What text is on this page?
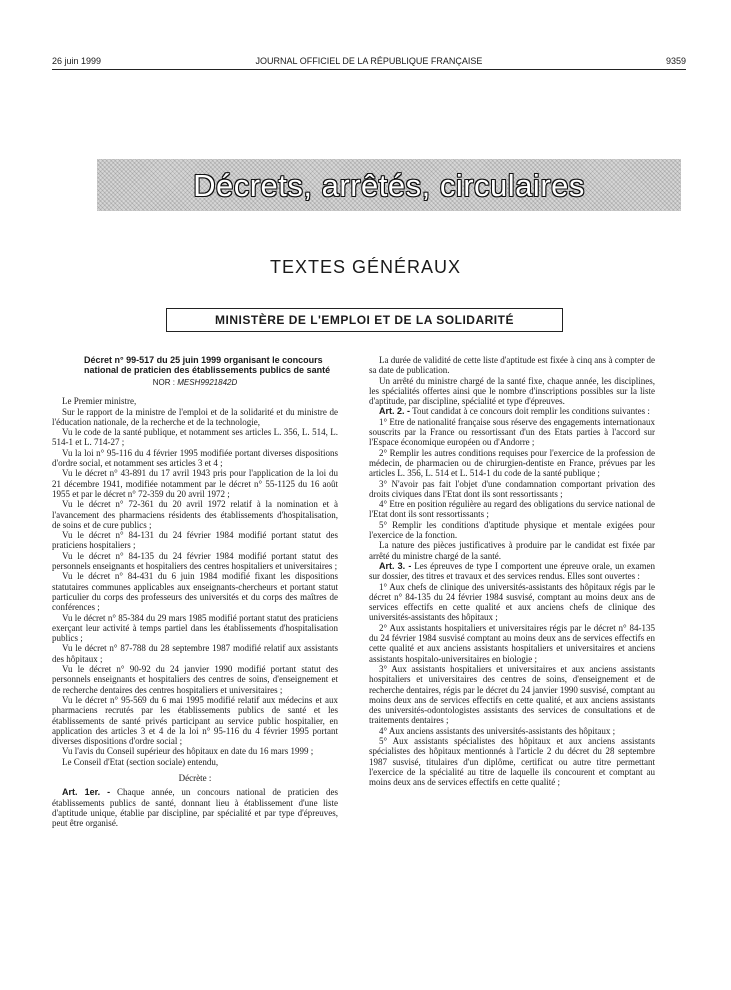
26 juin 1999	JOURNAL OFFICIEL DE LA RÉPUBLIQUE FRANÇAISE	9359
Décrets, arrêtés, circulaires
TEXTES GÉNÉRAUX
MINISTÈRE DE L'EMPLOI ET DE LA SOLIDARITÉ

Décret n° 99-517 du 25 juin 1999 organisant le concours national de praticien des établissements publics de santé

NOR : MESH9921842D

Le Premier ministre,

Sur le rapport de la ministre de l'emploi et de la solidarité et du ministre de l'éducation nationale, de la recherche et de la technologie,

Vu le code de la santé publique, et notamment ses articles L. 356, L. 514, L. 514-1 et L. 714-27 ;

Vu la loi n° 95-116 du 4 février 1995 modifiée portant diverses dispositions d'ordre social, et notamment ses articles 3 et 4 ;

Vu le décret n° 43-891 du 17 avril 1943 pris pour l'application de la loi du 21 décembre 1941, modifiée notamment par le décret n° 55-1125 du 16 août 1955 et par le décret n° 72-359 du 20 avril 1972 ;

Vu le décret n° 72-361 du 20 avril 1972 relatif à la nomination et à l'avancement des pharmaciens résidents des établissements d'hospitalisation, de soins et de cure publics ;

Vu le décret n° 84-131 du 24 février 1984 modifié portant statut des praticiens hospitaliers ;

Vu le décret n° 84-135 du 24 février 1984 modifié portant statut des personnels enseignants et hospitaliers des centres hospitaliers et universitaires ;

Vu le décret n° 84-431 du 6 juin 1984 modifié fixant les dispositions statutaires communes applicables aux enseignants-chercheurs et portant statut particulier du corps des professeurs des universités et du corps des maîtres de conférences ;

Vu le décret n° 85-384 du 29 mars 1985 modifié portant statut des praticiens exerçant leur activité à temps partiel dans les établissements d'hospitalisation publics ;

Vu le décret n° 87-788 du 28 septembre 1987 modifié relatif aux assistants des hôpitaux ;

Vu le décret n° 90-92 du 24 janvier 1990 modifié portant statut des personnels enseignants et hospitaliers des centres de soins, d'enseignement et de recherche dentaires des centres hospitaliers et universitaires ;

Vu le décret n° 95-569 du 6 mai 1995 modifié relatif aux médecins et aux pharmaciens recrutés par les établissements publics de santé et les établissements de santé privés participant au service public hospitalier, en application des articles 3 et 4 de la loi n° 95-116 du 4 février 1995 portant diverses dispositions d'ordre social ;

Vu l'avis du Conseil supérieur des hôpitaux en date du 16 mars 1999 ;

Le Conseil d'Etat (section sociale) entendu,

Décrète :

Art. 1er. - Chaque année, un concours national de praticien des établissements publics de santé, donnant lieu à établissement d'une liste d'aptitude unique, établie par discipline, par spécialité et par type d'épreuves, peut être organisé.

La durée de validité de cette liste d'aptitude est fixée à cinq ans à compter de sa date de publication.

Un arrêté du ministre chargé de la santé fixe, chaque année, les disciplines, les spécialités offertes ainsi que le nombre d'inscriptions possibles sur la liste d'aptitude, par discipline, spécialité et type d'épreuves.

Art. 2. - Tout candidat à ce concours doit remplir les conditions suivantes :

1° Etre de nationalité française sous réserve des engagements internationaux souscrits par la France ou ressortissant d'un des Etats parties à l'accord sur l'Espace économique européen ou d'Andorre ;

2° Remplir les autres conditions requises pour l'exercice de la profession de médecin, de pharmacien ou de chirurgien-dentiste en France, prévues par les articles L. 356, L. 514 et L. 514-1 du code de la santé publique ;

3° N'avoir pas fait l'objet d'une condamnation comportant privation des droits civiques dans l'Etat dont ils sont ressortissants ;

4° Etre en position régulière au regard des obligations du service national de l'Etat dont ils sont ressortissants ;

5° Remplir les conditions d'aptitude physique et mentale exigées pour l'exercice de la fonction.

La nature des pièces justificatives à produire par le candidat est fixée par arrêté du ministre chargé de la santé.

Art. 3. - Les épreuves de type I comportent une épreuve orale, un examen sur dossier, des titres et travaux et des services rendus. Elles sont ouvertes :

1° Aux chefs de clinique des universités-assistants des hôpitaux régis par le décret n° 84-135 du 24 février 1984 susvisé, comptant au moins deux ans de services effectifs en cette qualité et aux anciens chefs de clinique des universités-assistants des hôpitaux ;

2° Aux assistants hospitaliers et universitaires régis par le décret n° 84-135 du 24 février 1984 susvisé comptant au moins deux ans de services effectifs en cette qualité et aux anciens assistants hospitaliers et universitaires et anciens assistants hospitalo-universitaires en biologie ;

3° Aux assistants hospitaliers et universitaires et aux anciens assistants hospitaliers et universitaires des centres de soins, d'enseignement et de recherche dentaires, régis par le décret du 24 janvier 1990 susvisé, comptant au moins deux ans de services effectifs en cette qualité, et aux anciens assistants des universités-odontologistes assistants des services de consultations et de traitements dentaires ;

4° Aux anciens assistants des universités-assistants des hôpitaux ;

5° Aux assistants spécialistes des hôpitaux et aux anciens assistants spécialistes des hôpitaux mentionnés à l'article 2 du décret du 28 septembre 1987 susvisé, titulaires d'un diplôme, certificat ou autre titre permettant l'exercice de la spécialité au titre de laquelle ils concourent et comptant au moins deux ans de services effectifs en cette qualité ;
